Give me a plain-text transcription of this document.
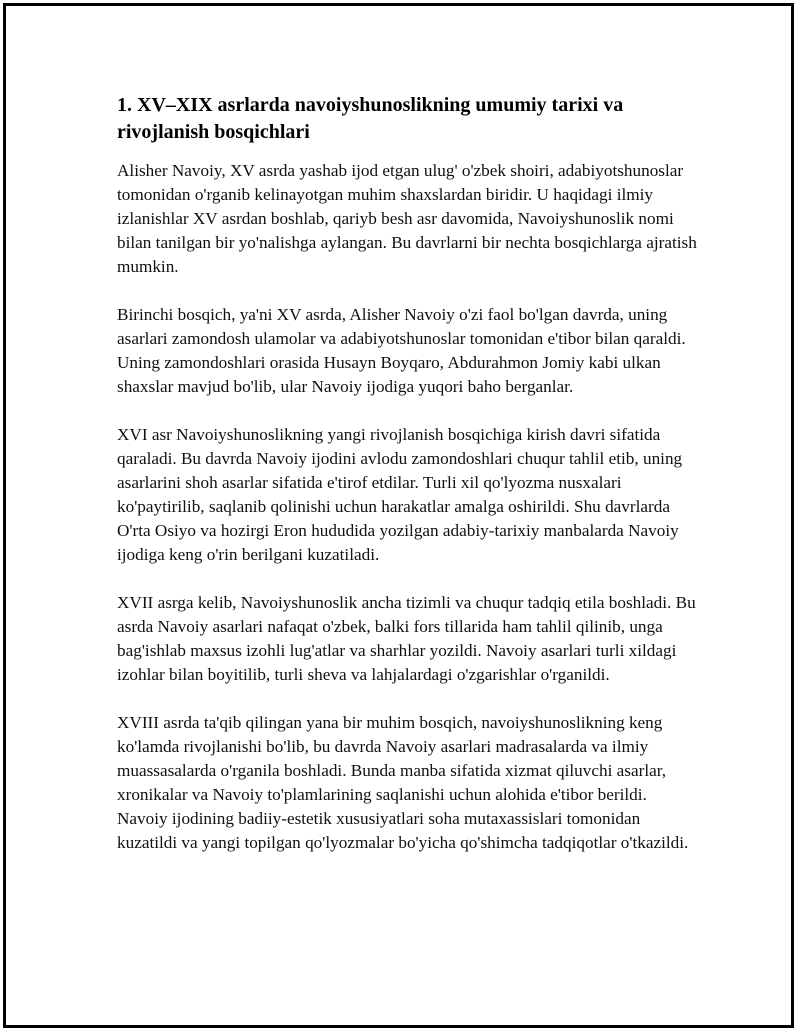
1. XV–XIX asrlarda navoiyshunoslikning umumiy tarixi va rivojlanish bosqichlari

Alisher Navoiy, XV asrda yashab ijod etgan ulug' o'zbek shoiri, adabiyotshunoslar tomonidan o'rganib kelinayotgan muhim shaxslardan biridir. U haqidagi ilmiy izlanishlar XV asrdan boshlab, qariyb besh asr davomida, Navoiyshunoslik nomi bilan tanilgan bir yo'nalishga aylangan. Bu davrlarni bir nechta bosqichlarga ajratish mumkin.

Birinchi bosqich, ya'ni XV asrda, Alisher Navoiy o'zi faol bo'lgan davrda, uning asarlari zamondosh ulamolar va adabiyotshunoslar tomonidan e'tibor bilan qaraldi. Uning zamondoshlari orasida Husayn Boyqaro, Abdurahmon Jomiy kabi ulkan shaxslar mavjud bo'lib, ular Navoiy ijodiga yuqori baho berganlar.

XVI asr Navoiyshunoslikning yangi rivojlanish bosqichiga kirish davri sifatida qaraladi. Bu davrda Navoiy ijodini avlodu zamondoshlari chuqur tahlil etib, uning asarlarini shoh asarlar sifatida e'tirof etdilar. Turli xil qo'lyozma nusxalari ko'paytirilib, saqlanib qolinishi uchun harakatlar amalga oshirildi. Shu davrlarda O'rta Osiyo va hozirgi Eron hududida yozilgan adabiy-tarixiy manbalarda Navoiy ijodiga keng o'rin berilgani kuzatiladi.

XVII asrga kelib, Navoiyshunoslik ancha tizimli va chuqur tadqiq etila boshladi. Bu asrda Navoiy asarlari nafaqat o'zbek, balki fors tillarida ham tahlil qilinib, unga bag'ishlab maxsus izohli lug'atlar va sharhlar yozildi. Navoiy asarlari turli xildagi izohlar bilan boyitilib, turli sheva va lahjalardagi o'zgarishlar o'rganildi.

XVIII asrda ta'qib qilingan yana bir muhim bosqich, navoiyshunoslikning keng ko'lamda rivojlanishi bo'lib, bu davrda Navoiy asarlari madrasalarda va ilmiy muassasalarda o'rganila boshladi. Bunda manba sifatida xizmat qiluvchi asarlar, xronikalar va Navoiy to'plamlarining saqlanishi uchun alohida e'tibor berildi. Navoiy ijodining badiiy-estetik xususiyatlari soha mutaxassislari tomonidan kuzatildi va yangi topilgan qo'lyozmalar bo'yicha qo'shimcha tadqiqotlar o'tkazildi.
